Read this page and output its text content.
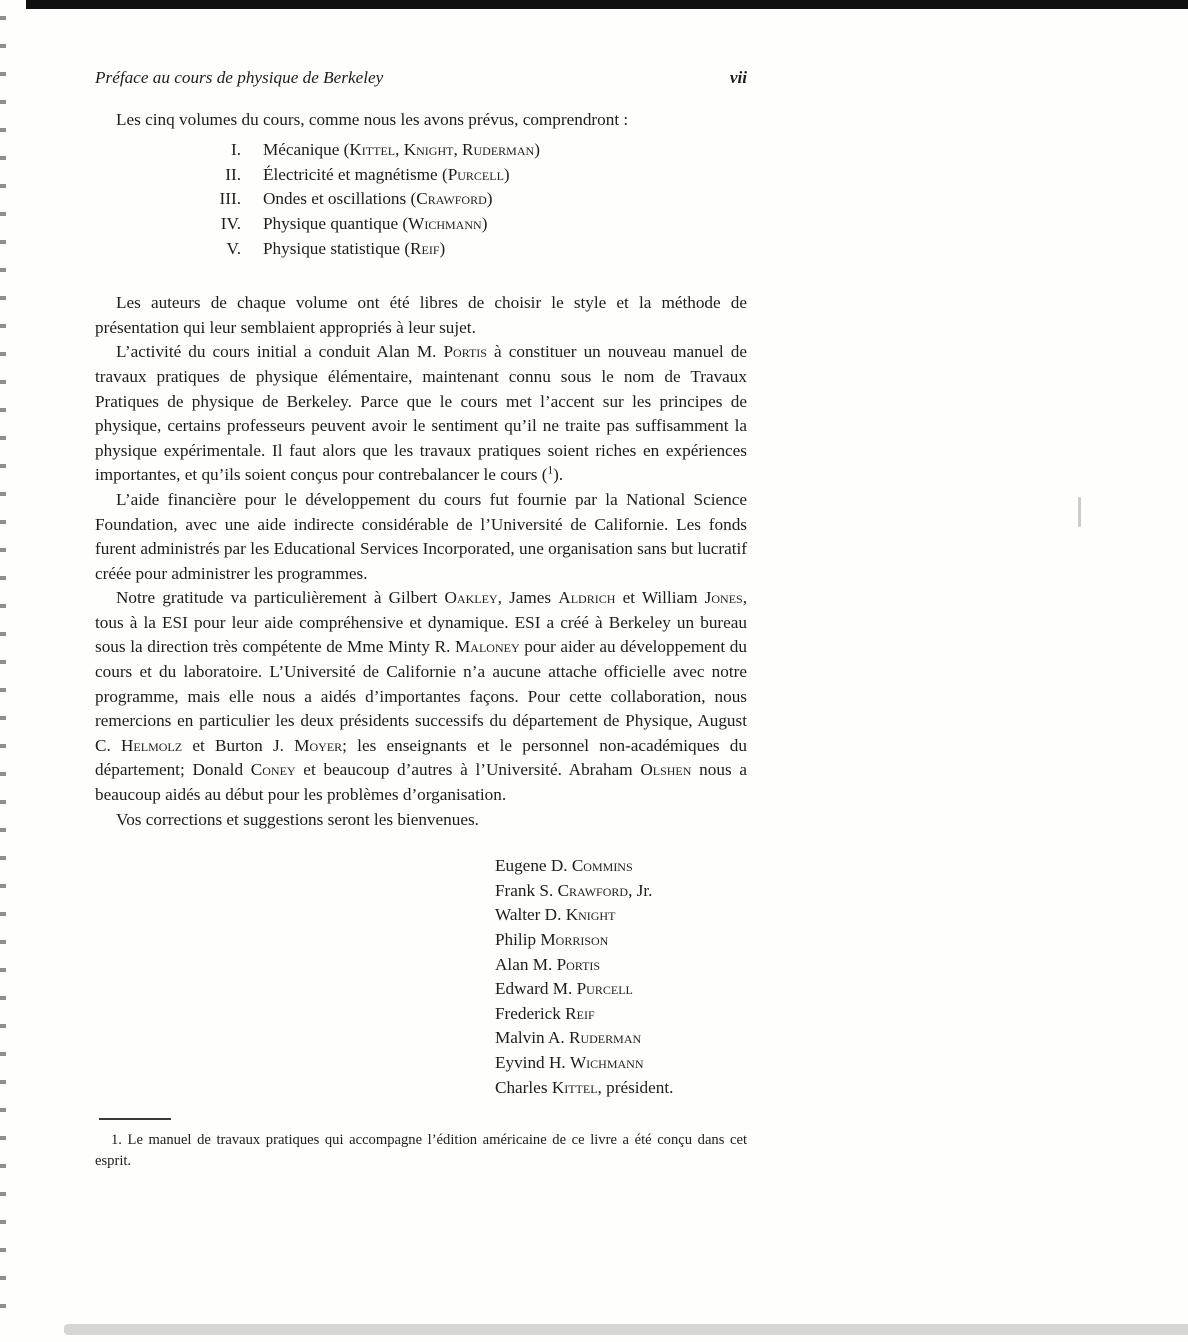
Préface au cours de physique de Berkeley	vii

Les cinq volumes du cours, comme nous les avons prévus, comprendront :

I. Mécanique (Kittel, Knight, Ruderman)
II. Électricité et magnétisme (Purcell)
III. Ondes et oscillations (Crawford)
IV. Physique quantique (Wichmann)
V. Physique statistique (Reif)

Les auteurs de chaque volume ont été libres de choisir le style et la méthode de présentation qui leur semblaient appropriés à leur sujet.

L’activité du cours initial a conduit Alan M. Portis à constituer un nouveau manuel de travaux pratiques de physique élémentaire, maintenant connu sous le nom de Travaux Pratiques de physique de Berkeley. Parce que le cours met l’accent sur les principes de physique, certains professeurs peuvent avoir le sentiment qu’il ne traite pas suffisamment la physique expérimentale. Il faut alors que les travaux pratiques soient riches en expériences importantes, et qu’ils soient conçus pour contrebalancer le cours ($^1$).

L’aide financière pour le développement du cours fut fournie par la National Science Foundation, avec une aide indirecte considérable de l’Université de Californie. Les fonds furent administrés par les Educational Services Incorporated, une organisation sans but lucratif créée pour administrer les programmes.

Notre gratitude va particulièrement à Gilbert Oakley, James Aldrich et William Jones, tous à la ESI pour leur aide compréhensive et dynamique. ESI a créé à Berkeley un bureau sous la direction très compétente de Mme Minty R. Maloney pour aider au développement du cours et du laboratoire. L’Université de Californie n’a aucune attache officielle avec notre programme, mais elle nous a aidés d’importantes façons. Pour cette collaboration, nous remercions en particulier les deux présidents successifs du département de Physique, August C. Helmolz et Burton J. Moyer; les enseignants et le personnel non-académiques du département; Donald Coney et beaucoup d’autres à l’Université. Abraham Olshen nous a beaucoup aidés au début pour les problèmes d’organisation.

Vos corrections et suggestions seront les bienvenues.

Eugene D. Commins
Frank S. Crawford, Jr.
Walter D. Knight
Philip Morrison
Alan M. Portis
Edward M. Purcell
Frederick Reif
Malvin A. Ruderman
Eyvind H. Wichmann
Charles Kittel, président.

1. Le manuel de travaux pratiques qui accompagne l’édition américaine de ce livre a été conçu dans cet esprit.
